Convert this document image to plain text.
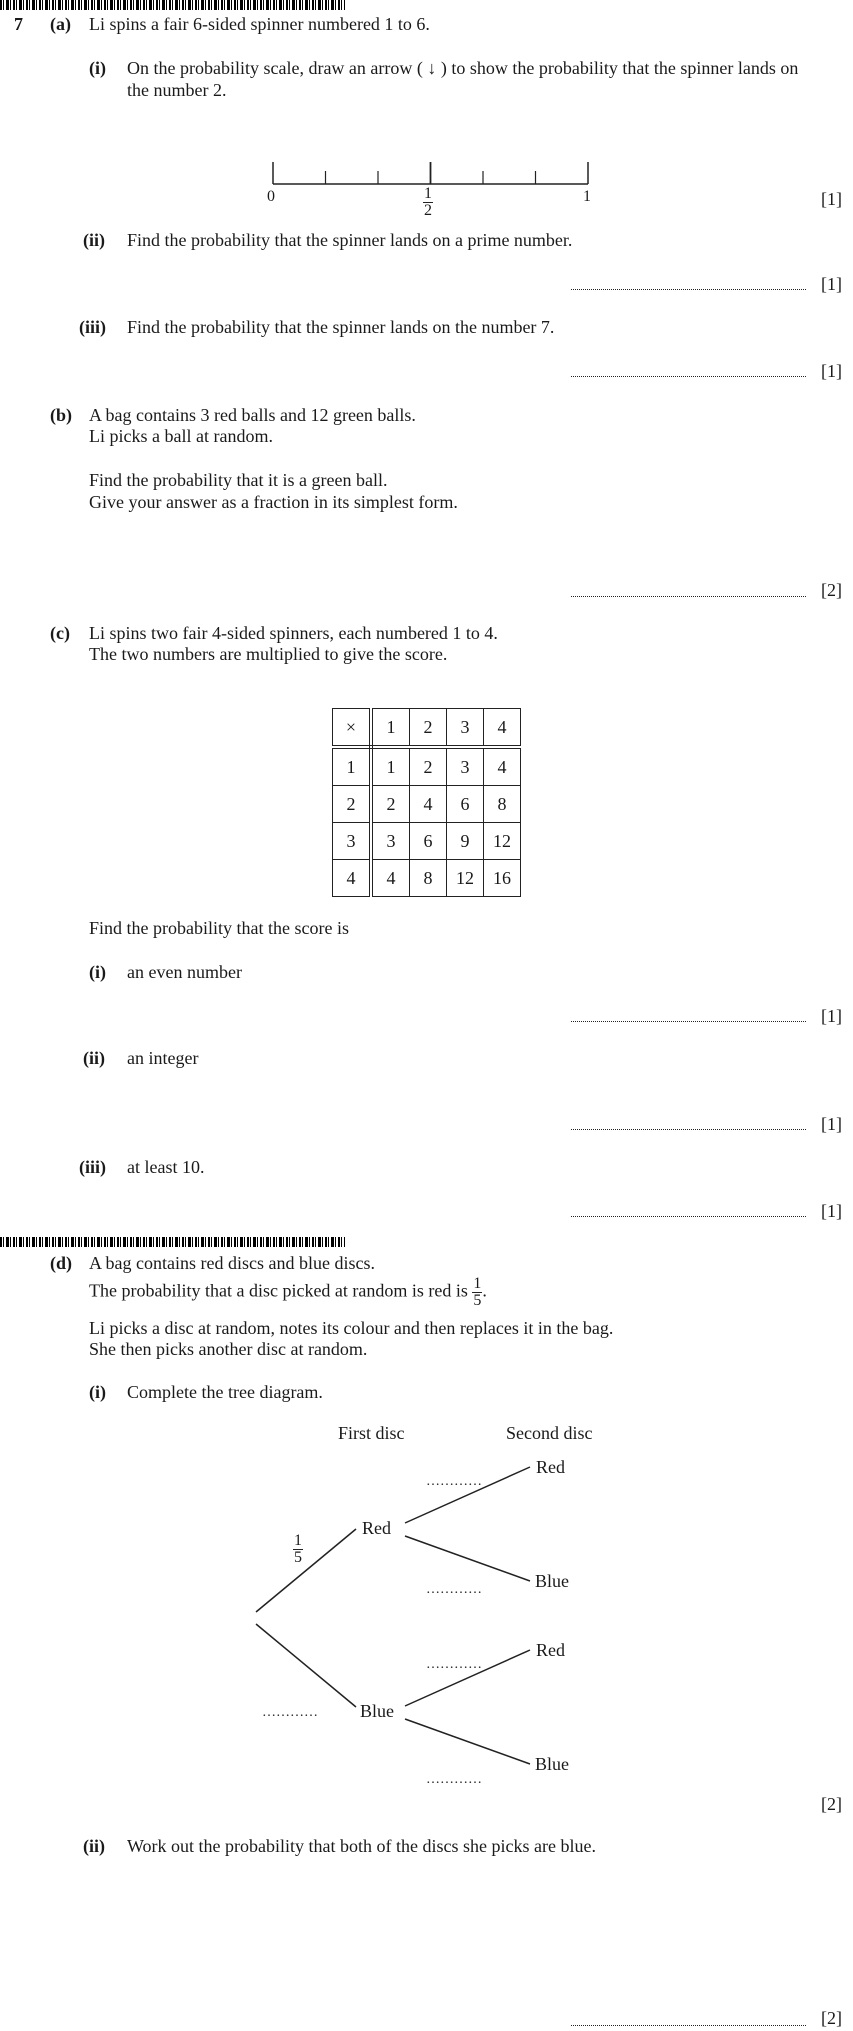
7 (a) Li spins a fair 6-sided spinner numbered 1 to 6.
(i) On the probability scale, draw an arrow ( ↓ ) to show the probability that the spinner lands on
the number 2.
0	$\frac{1}{2}$	1	[1]
(ii) Find the probability that the spinner lands on a prime number.
[1]
(iii) Find the probability that the spinner lands on the number 7.
[1]
(b) A bag contains 3 red balls and 12 green balls.
Li picks a ball at random.
Find the probability that it is a green ball.
Give your answer as a fraction in its simplest form.
[2]
(c) Li spins two fair 4-sided spinners, each numbered 1 to 4.
The two numbers are multiplied to give the score.
×	1	2	3	4
1	1	2	3	4
2	2	4	6	8
3	3	6	9	12
4	4	8	12	16
Find the probability that the score is
(i) an even number
[1]
(ii) an integer
[1]
(iii) at least 10.
[1]
(d) A bag contains red discs and blue discs.
The probability that a disc picked at random is red is $\frac{1}{5}$ .
Li picks a disc at random, notes its colour and then replaces it in the bag.
She then picks another disc at random.
(i) Complete the tree diagram.
First disc	Second disc
Red
Blue
Red
Blue
Red
Blue
$\frac{1}{5}$
…………
…………
…………
…………
…………
[2]
(ii) Work out the probability that both of the discs she picks are blue.
[2]
